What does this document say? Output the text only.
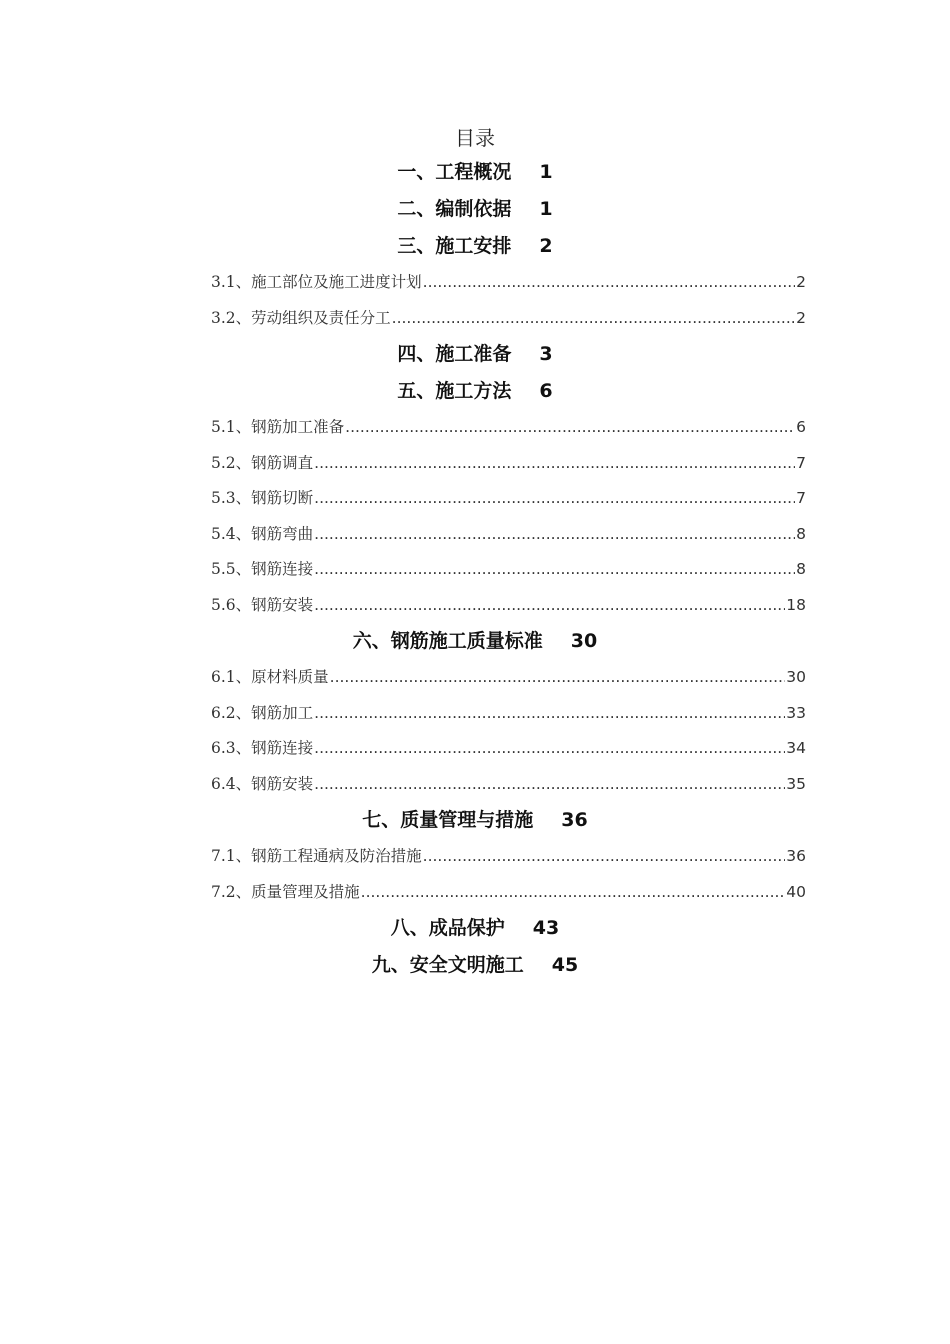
目录
一、工程概况 1
二、编制依据 1
三、施工安排 2
3.1、施工部位及施工进度计划 .....	2
3.2、劳动组织及责任分工 .....	2
四、施工准备 3
五、施工方法 6
5.1、钢筋加工准备 .....	6
5.2、钢筋调直 .....	7
5.3、钢筋切断 .....	7
5.4、钢筋弯曲 .....	8
5.5、钢筋连接 .....	8
5.6、钢筋安装 .....	18
六、钢筋施工质量标准 30
6.1、原材料质量 .....	30
6.2、钢筋加工 .....	33
6.3、钢筋连接 .....	34
6.4、钢筋安装 .....	35
七、质量管理与措施 36
7.1、钢筋工程通病及防治措施 .....	36
7.2、质量管理及措施 .....	40
八、成品保护 43
九、安全文明施工 45
